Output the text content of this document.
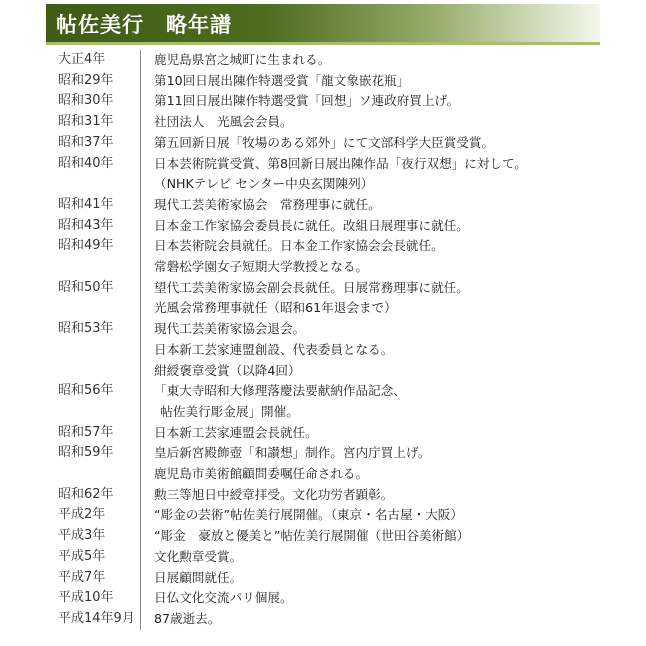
帖佐美行　略年譜
大正4年	鹿児島県宮之城町に生まれる。
昭和29年	第10回日展出陳作特選受賞「龍文象嵌花瓶」
昭和30年	第11回日展出陳作特選受賞「回想」ソ連政府買上げ。
昭和31年	社団法人　光風会会員。
昭和37年	第五回新日展「牧場のある郊外」にて文部科学大臣賞受賞。
昭和40年	日本芸術院賞受賞、第8回新日展出陳作品「夜行双想」に対して。
（NHKテレビ センター中央玄関陳列）
昭和41年	現代工芸美術家協会　常務理事に就任。
昭和43年	日本金工作家協会委員長に就任。改組日展理事に就任。
昭和49年	日本芸術院会員就任。日本金工作家協会会長就任。
常磐松学園女子短期大学教授となる。
昭和50年	望代工芸美術家協会副会長就任。日展常務理事に就任。
光風会常務理事就任（昭和61年退会まで）
昭和53年	現代工芸美術家協会退会。
日本新工芸家連盟創設、代表委員となる。
紺綬褒章受賞（以降4回）
昭和56年	「東大寺昭和大修理落慶法要献納作品記念、
 帖佐美行彫金展」開催。
昭和57年	日本新工芸家連盟会長就任。
昭和59年	皇后新宮殿飾壺「和讃想」制作。宮内庁買上げ。
鹿児島市美術館顧問委嘱任命される。
昭和62年	勲三等旭日中綬章拝受。文化功労者顕彰。
平成2年	“彫金の芸術”帖佐美行展開催。（東京・名古屋・大阪）
平成3年	“彫金　豪放と優美と”帖佐美行展開催（世田谷美術館）
平成5年	文化勲章受賞。
平成7年	日展顧問就任。
平成10年	日仏文化交流パリ個展。
平成14年9月	87歳逝去。
